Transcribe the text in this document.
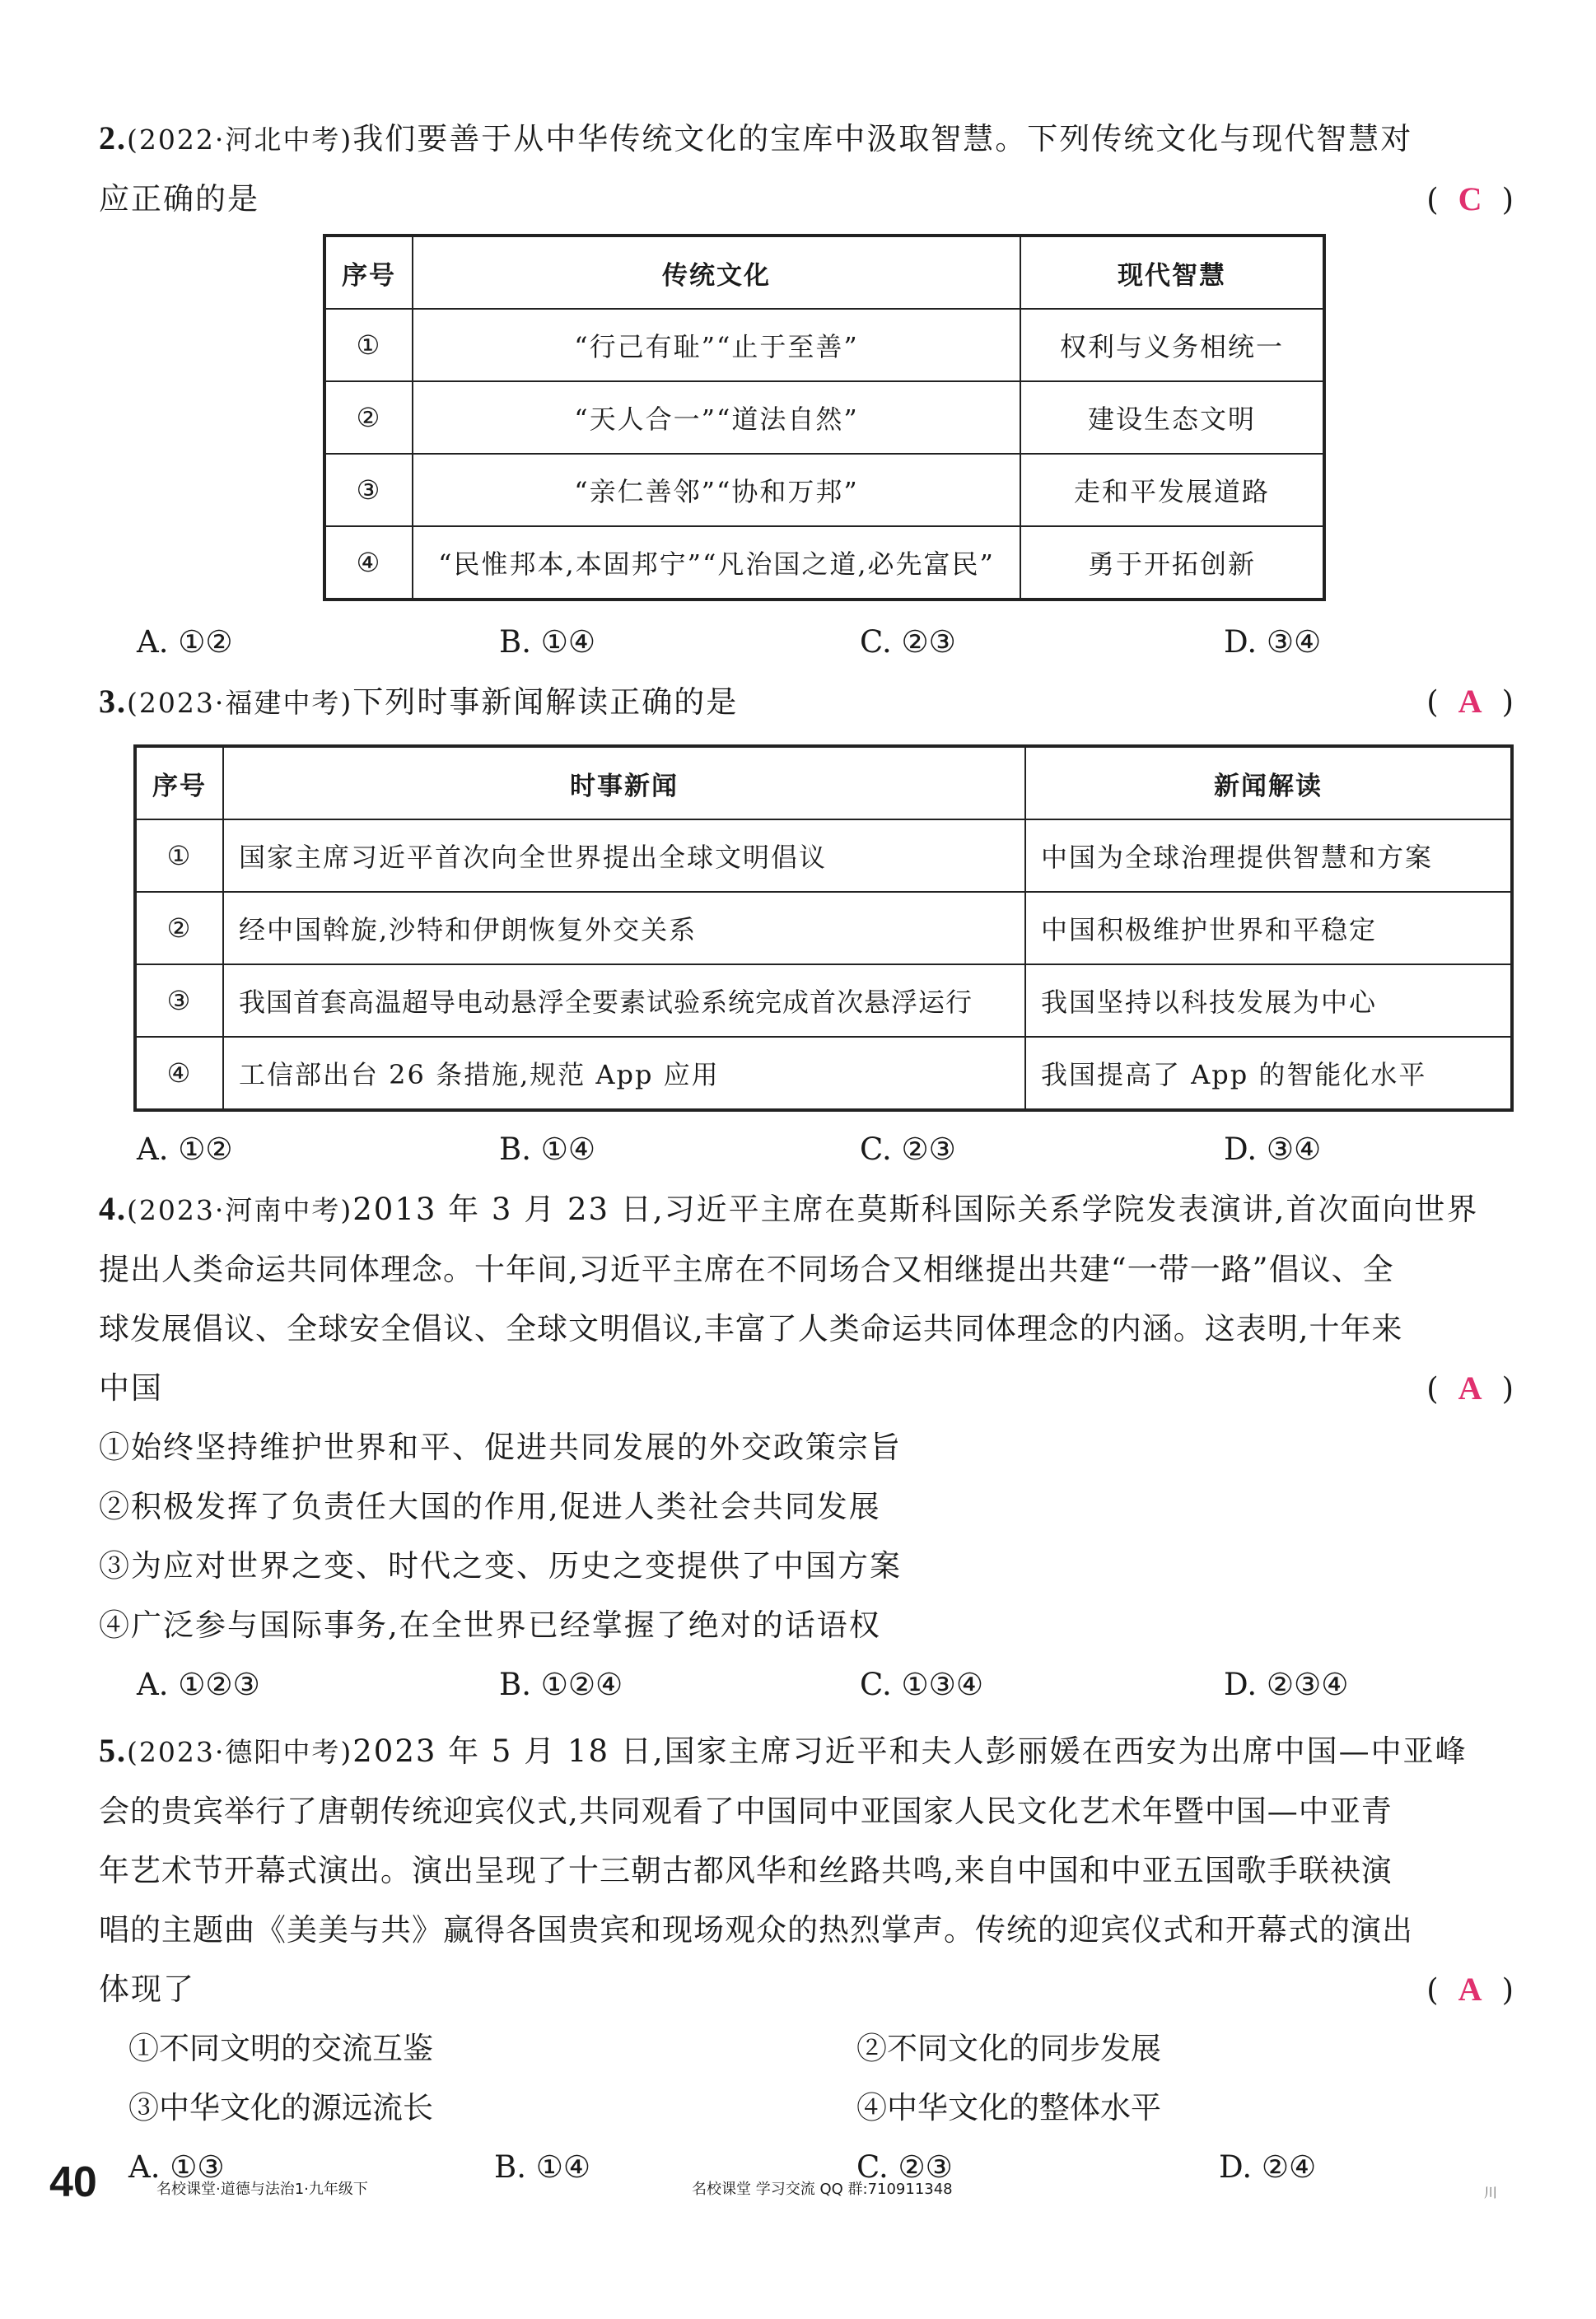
2.(2022·河北中考)我们要善于从中华传统文化的宝库中汲取智慧。下列传统文化与现代智慧对
应正确的是	( C )
序号	传统文化	现代智慧
①	“行己有耻”“止于至善”	权利与义务相统一
②	“天人合一”“道法自然”	建设生态文明
③	“亲仁善邻”“协和万邦”	走和平发展道路
④	“民惟邦本,本固邦宁”“凡治国之道,必先富民”	勇于开拓创新
A. ①②	B. ①④	C. ②③	D. ③④
3.(2023·福建中考)下列时事新闻解读正确的是	( A )
序号	时事新闻	新闻解读
①	国家主席习近平首次向全世界提出全球文明倡议	中国为全球治理提供智慧和方案
②	经中国斡旋,沙特和伊朗恢复外交关系	中国积极维护世界和平稳定
③	我国首套高温超导电动悬浮全要素试验系统完成首次悬浮运行	我国坚持以科技发展为中心
④	工信部出台 26 条措施,规范 App 应用	我国提高了 App 的智能化水平
A. ①②	B. ①④	C. ②③	D. ③④
4.(2023·河南中考)2013 年 3 月 23 日,习近平主席在莫斯科国际关系学院发表演讲,首次面向世界
提出人类命运共同体理念。十年间,习近平主席在不同场合又相继提出共建“一带一路”倡议、全
球发展倡议、全球安全倡议、全球文明倡议,丰富了人类命运共同体理念的内涵。这表明,十年来
中国	( A )
①始终坚持维护世界和平、促进共同发展的外交政策宗旨
②积极发挥了负责任大国的作用,促进人类社会共同发展
③为应对世界之变、时代之变、历史之变提供了中国方案
④广泛参与国际事务,在全世界已经掌握了绝对的话语权
A. ①②③	B. ①②④	C. ①③④	D. ②③④
5.(2023·德阳中考)2023 年 5 月 18 日,国家主席习近平和夫人彭丽媛在西安为出席中国—中亚峰
会的贵宾举行了唐朝传统迎宾仪式,共同观看了中国同中亚国家人民文化艺术年暨中国—中亚青
年艺术节开幕式演出。演出呈现了十三朝古都风华和丝路共鸣,来自中国和中亚五国歌手联袂演
唱的主题曲《美美与共》赢得各国贵宾和现场观众的热烈掌声。传统的迎宾仪式和开幕式的演出
体现了	( A )
①不同文明的交流互鉴	②不同文化的同步发展
③中华文化的源远流长	④中华文化的整体水平
A. ①③	B. ①④	C. ②③	D. ②④
40	名校课堂·道德与法治1·九年级下	名校课堂 学习交流 QQ 群:710911348	川
